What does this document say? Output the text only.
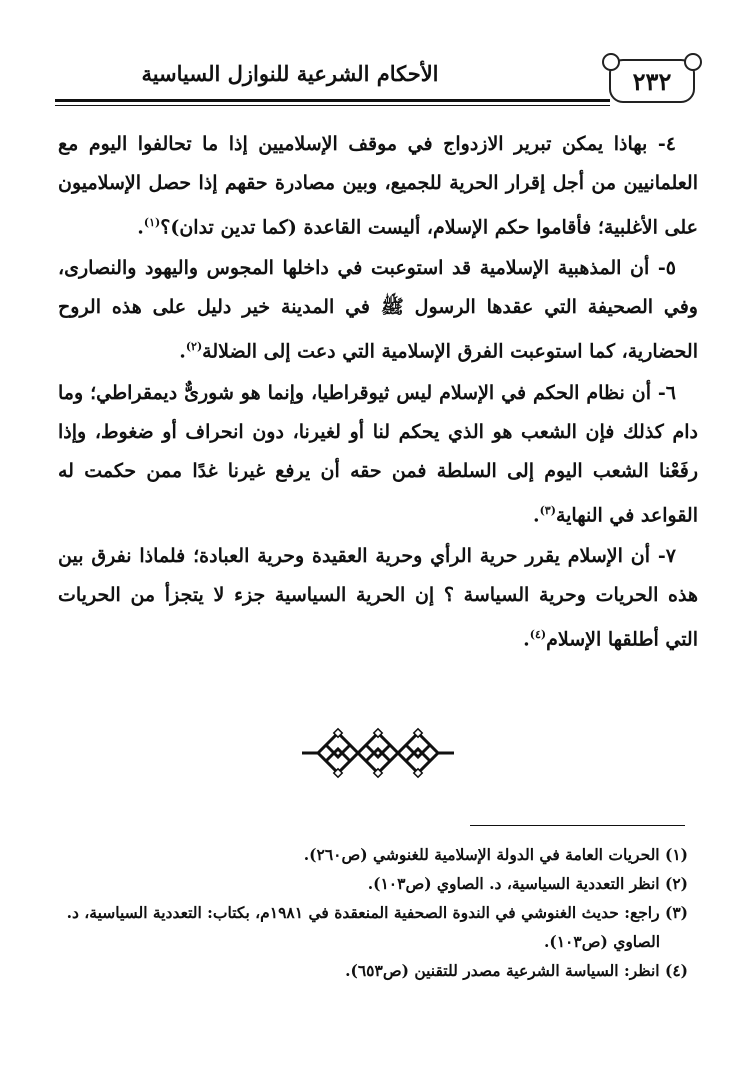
الأحكام الشرعية للنوازل السياسية	٢٣٢

٤- بهاذا يمكن تبرير الازدواج في موقف الإسلاميين إذا ما تحالفوا اليوم مع العلمانيين من أجل إقرار الحرية للجميع، وبين مصادرة حقهم إذا حصل الإسلاميون على الأغلبية؛ فأقاموا حكم الإسلام، أليست القاعدة (كما تدين تدان)؟$^{(١)}$.

٥- أن المذهبية الإسلامية قد استوعبت في داخلها المجوس واليهود والنصارى، وفي الصحيفة التي عقدها الرسول ﷺ في المدينة خير دليل على هذه الروح الحضارية، كما استوعبت الفرق الإسلامية التي دعت إلى الضلالة$^{(٢)}$.

٦- أن نظام الحكم في الإسلام ليس ثيوقراطيا، وإنما هو شورىٌّ ديمقراطي؛ وما دام كذلك فإن الشعب هو الذي يحكم لنا أو لغيرنا، دون انحراف أو ضغوط، وإذا رفَعْنا الشعب اليوم إلى السلطة فمن حقه أن يرفع غيرنا غدًا ممن حكمت له القواعد في النهاية$^{(٣)}$.

٧- أن الإسلام يقرر حرية الرأي وحرية العقيدة وحرية العبادة؛ فلماذا نفرق بين هذه الحريات وحرية السياسة ؟ إن الحرية السياسية جزء لا يتجزأ من الحريات التي أطلقها الإسلام$^{(٤)}$.

(١) الحريات العامة في الدولة الإسلامية للغنوشي (ص٢٦٠).

(٢) انظر التعددية السياسية، د. الصاوي (ص١٠٣).

(٣) راجع: حديث الغنوشي في الندوة الصحفية المنعقدة في ١٩٨١م، بكتاب: التعددية السياسية، د.

الصاوي (ص١٠٣).

(٤) انظر: السياسة الشرعية مصدر للتقنين (ص٦٥٣).
